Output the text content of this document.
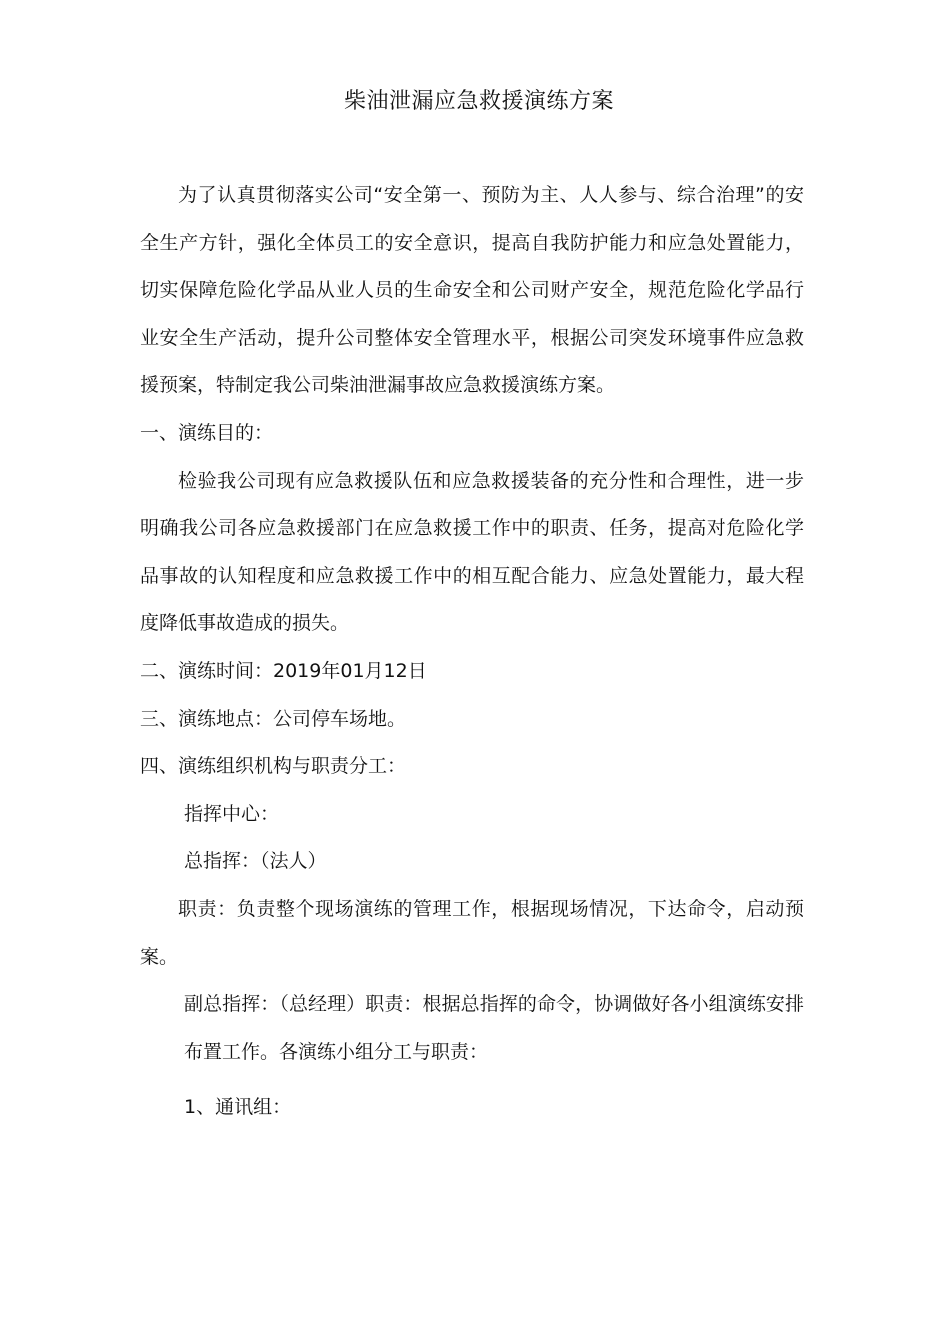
柴油泄漏应急救援演练方案

为了认真贯彻落实公司“安全第一、预防为主、人人参与、综合治理”的安全生产方针，强化全体员工的安全意识，提高自我防护能力和应急处置能力，切实保障危险化学品从业人员的生命安全和公司财产安全，规范危险化学品行业安全生产活动，提升公司整体安全管理水平，根据公司突发环境事件应急救援预案，特制定我公司柴油泄漏事故应急救援演练方案。

一、演练目的：

检验我公司现有应急救援队伍和应急救援装备的充分性和合理性，进一步明确我公司各应急救援部门在应急救援工作中的职责、任务，提高对危险化学品事故的认知程度和应急救援工作中的相互配合能力、应急处置能力，最大程度降低事故造成的损失。

二、演练时间：2019年01月12日

三、演练地点：公司停车场地。

四、演练组织机构与职责分工：

指挥中心：

总指挥：（法人）

职责：负责整个现场演练的管理工作，根据现场情况，下达命令，启动预案。

副总指挥：（总经理）职责：根据总指挥的命令，协调做好各小组演练安排布置工作。各演练小组分工与职责：

1、通讯组：
